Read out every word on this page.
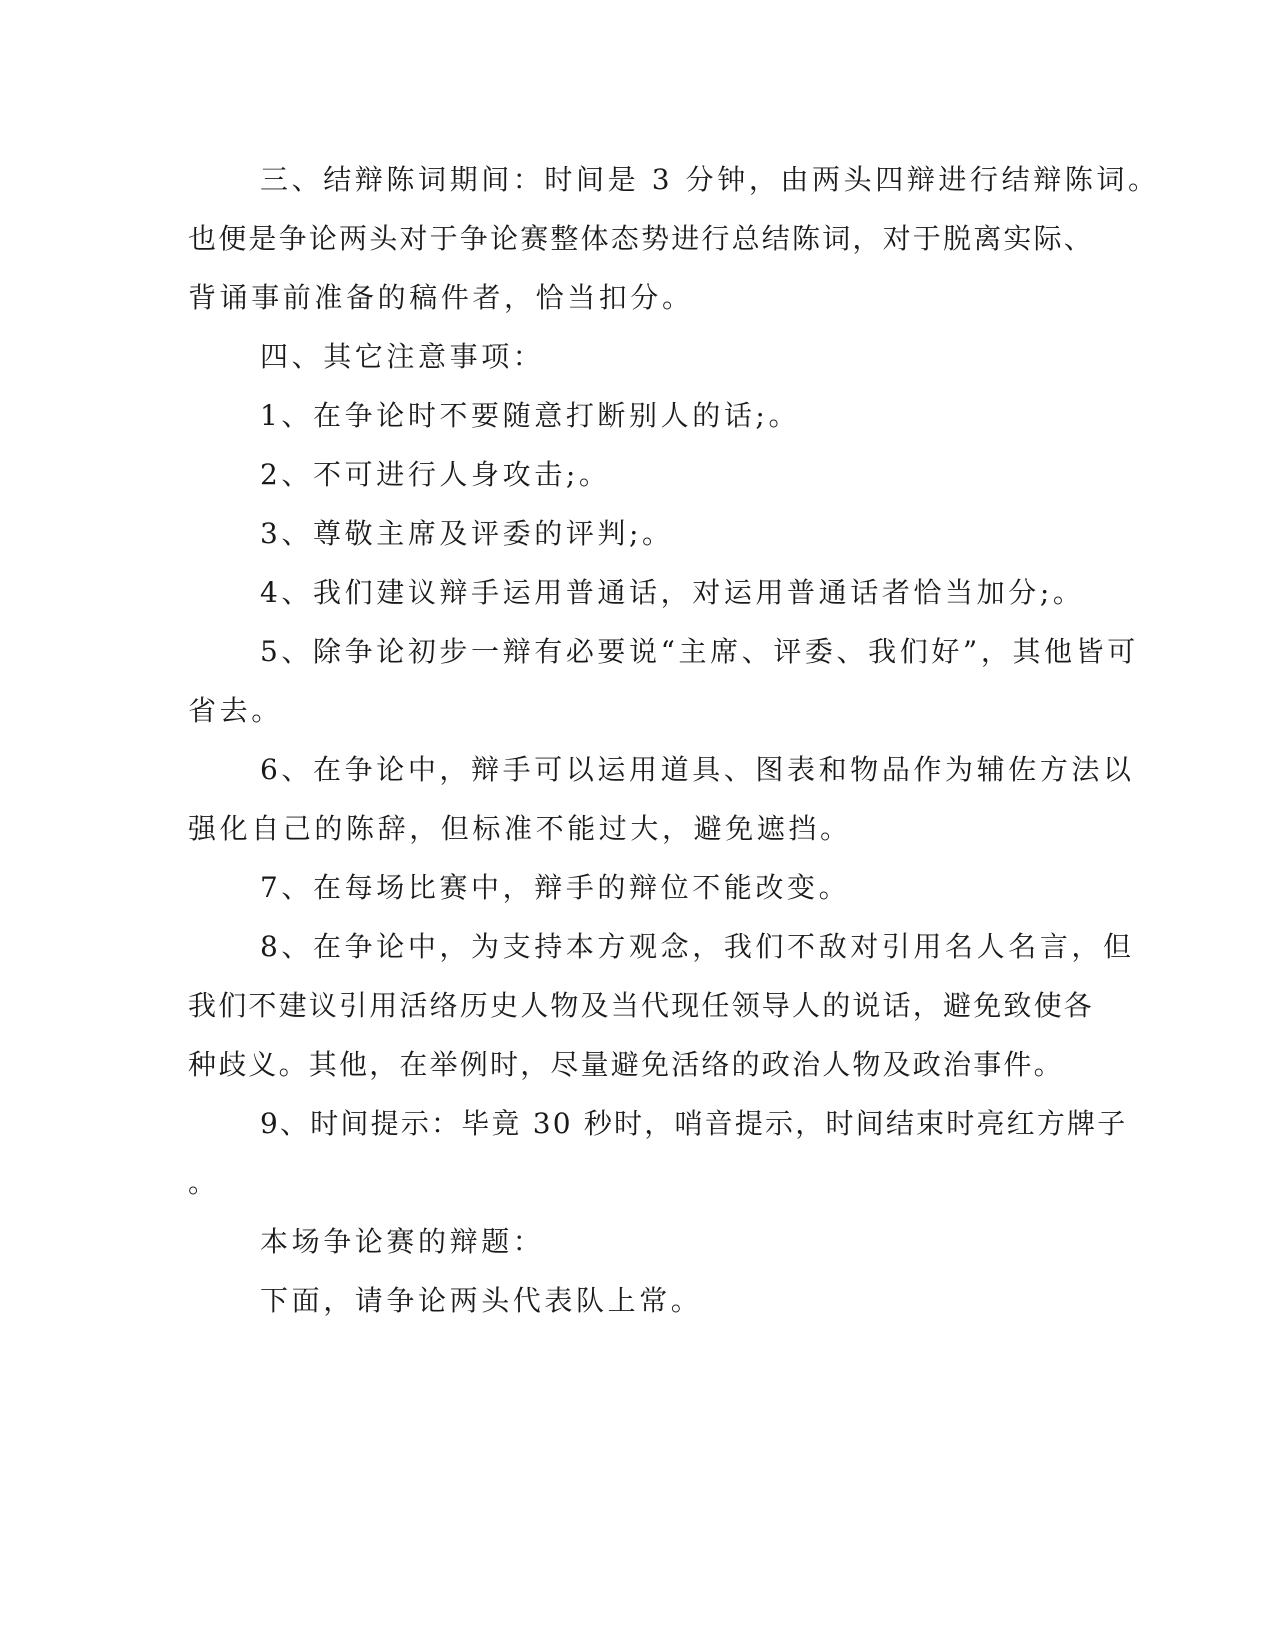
三、结辩陈词期间：时间是 3 分钟，由两头四辩进行结辩陈词。
也便是争论两头对于争论赛整体态势进行总结陈词，对于脱离实际、
背诵事前准备的稿件者，恰当扣分。
四、其它注意事项：
1、在争论时不要随意打断别人的话;。
2、不可进行人身攻击;。
3、尊敬主席及评委的评判;。
4、我们建议辩手运用普通话，对运用普通话者恰当加分;。
5、除争论初步一辩有必要说“主席、评委、我们好”，其他皆可
省去。
6、在争论中，辩手可以运用道具、图表和物品作为辅佐方法以
强化自己的陈辞，但标准不能过大，避免遮挡。
7、在每场比赛中，辩手的辩位不能改变。
8、在争论中，为支持本方观念，我们不敌对引用名人名言，但
我们不建议引用活络历史人物及当代现任领导人的说话，避免致使各
种歧义。其他，在举例时，尽量避免活络的政治人物及政治事件。
9、时间提示：毕竟 30 秒时，哨音提示，时间结束时亮红方牌子
。
本场争论赛的辩题：
下面，请争论两头代表队上常。
